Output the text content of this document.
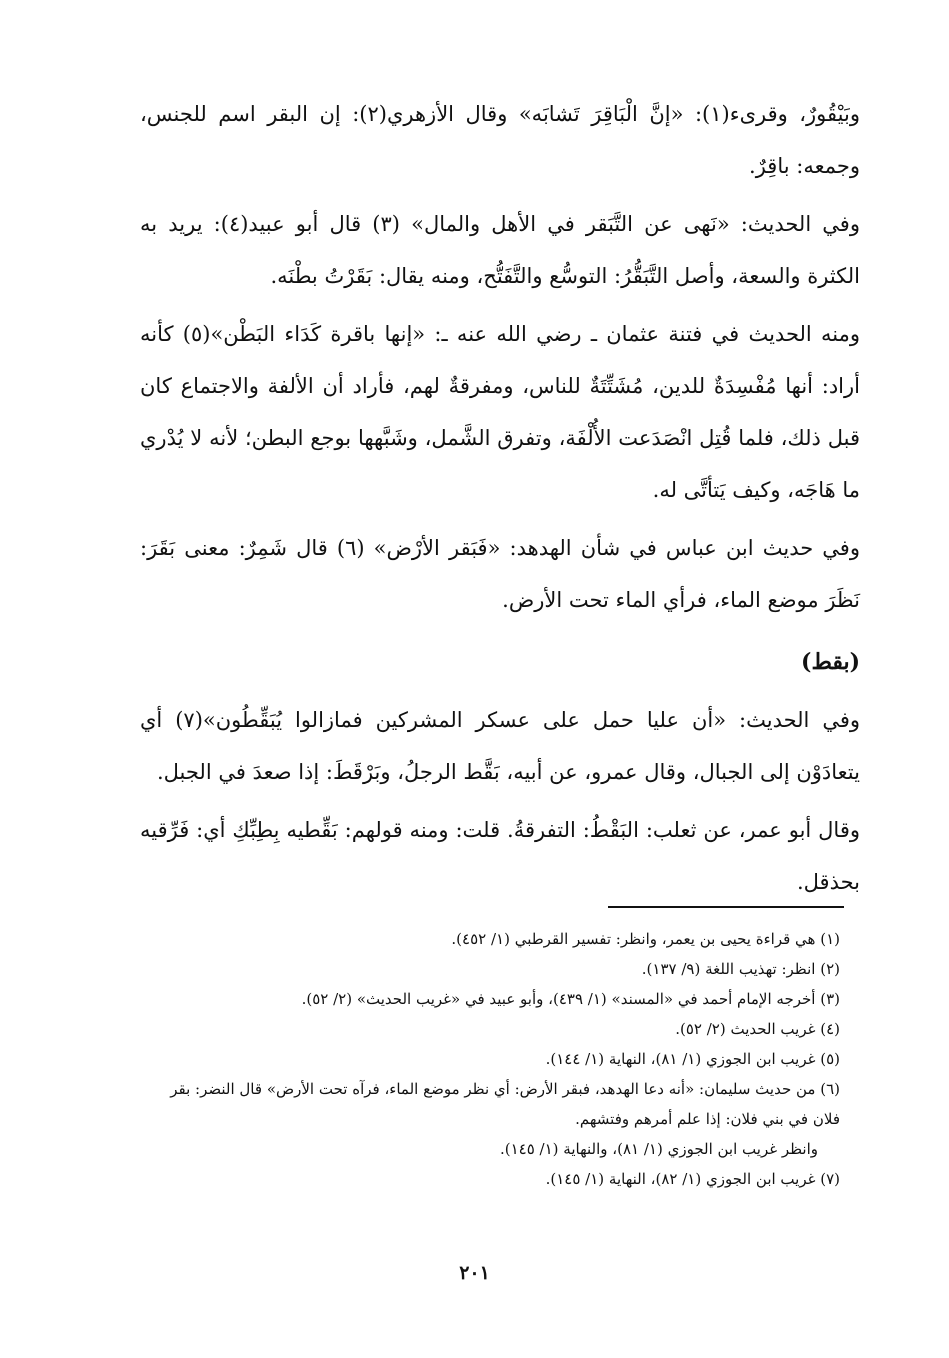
وبَيْقُورٌ، وقرىء(١): «إنَّ الْبَاقِرَ تَشابَه» وقال الأزهري(٢): إن البقر اسم للجنس، وجمعه: باقِرٌ.

وفي الحديث: «نَهى عن التَّبَقر في الأهل والمال» (٣) قال أبو عبيد(٤): يريد به الكثرة والسعة، وأصل التَّبَقُّرُ: التوسُّع والتَّفَتُّح، ومنه يقال: بَقَرْتُ بطْنَه.

ومنه الحديث في فتنة عثمان ـ رضي الله عنه ـ: «إنها باقرة كَدَاء البَطْن»(٥) كأنه أراد: أنها مُفْسِدَةٌ للدين، مُشَتِّتَةٌ للناس، ومفرقةٌ لهم، فأراد أن الألفة والاجتماع كان قبل ذلك، فلما قُتِل انْصَدَعت الأُلْفَة، وتفرق الشَّمل، وشَبَّهها بوجع البطن؛ لأنه لا يُدْري ما هَاجَه، وكيف يَتأتَّى له.

وفي حديث ابن عباس في شأن الهدهد: «فَبَقر الأرْض» (٦) قال شَمِرٌ: معنى بَقَرَ: نَظَرَ موضع الماء، فرأي الماء تحت الأرض.

(بقط)

وفي الحديث: «أن عليا حمل على عسكر المشركين فمازالوا يُبَقِّطُون»(٧) أي يتعادَوْن إلى الجبال، وقال عمرو، عن أبيه، بَقَّط الرجلُ، وبَرْقَطَ: إذا صعدَ في الجبل.

وقال أبو عمر، عن ثعلب: البَقْطُ: التفرقةُ. قلت: ومنه قولهم: بَقِّطيه بِطِبِّكِ أي: فَرِّقيه بحذقل.

(١) هي قراءة يحيى بن يعمر، وانظر: تفسير القرطبي (١/ ٤٥٢).

(٢) انظر: تهذيب اللغة (٩/ ١٣٧).

(٣) أخرجه الإمام أحمد في «المسند» (١/ ٤٣٩)، وأبو عبيد في «غريب الحديث» (٢/ ٥٢).

(٤) غريب الحديث (٢/ ٥٢).

(٥) غريب ابن الجوزي (١/ ٨١)، النهاية (١/ ١٤٤).

(٦) من حديث سليمان: «أنه دعا الهدهد، فبقر الأرض: أي نظر موضع الماء، فرآه تحت الأرض» قال النضر: بقر فلان في بني فلان: إذا علم أمرهم وفتشهم.

وانظر غريب ابن الجوزي (١/ ٨١)، والنهاية (١/ ١٤٥).

(٧) غريب ابن الجوزي (١/ ٨٢)، النهاية (١/ ١٤٥).

٢٠١
